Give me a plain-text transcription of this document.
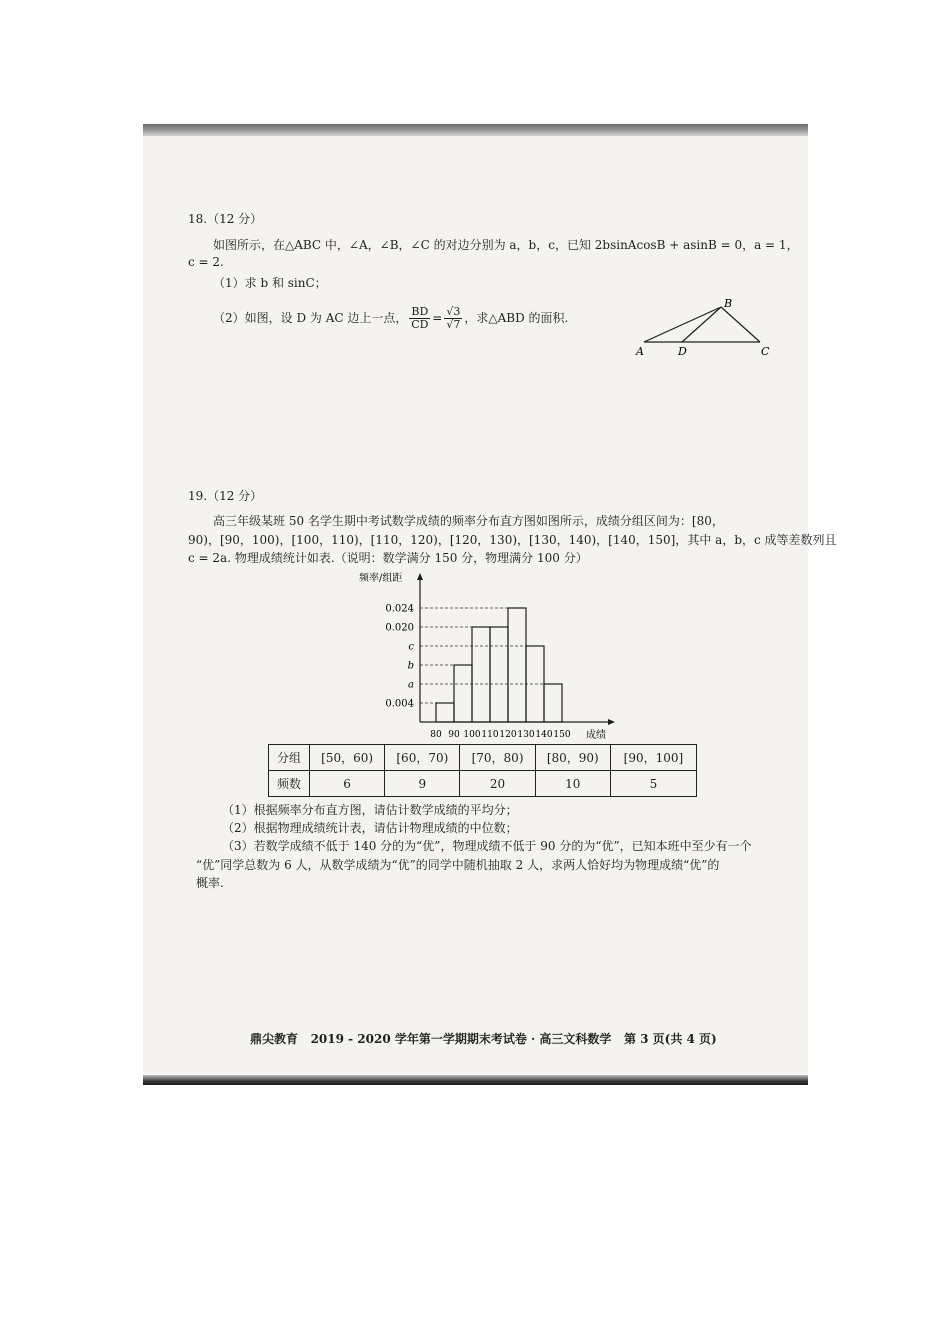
18.（12 分）
如图所示，在△ABC 中，∠A，∠B，∠C 的对边分别为 a，b，c，已知 2bsinAcosB + asinB = 0，a = 1，
c = 2.
（1）求 b 和 sinC；
（2）如图，设 D 为 AC 边上一点， $\frac{BD}{CD} = \frac{√3}{√7}$ ，求△ABD 的面积.
A
B
C
D
19.（12 分）
高三年级某班 50 名学生期中考试数学成绩的频率分布直方图如图所示，成绩分组区间为：[80，
90)，[90，100)，[100，110)，[110，120)，[120，130)，[130，140)，[140，150]，其中 a，b，c 成等差数列且
c = 2a. 物理成绩统计如表.（说明：数学满分 150 分，物理满分 100 分）
频率/组距
成绩
0.004
b
0.020
0.024
c
a
80 90 100 110 120 130 140 150
分组	[50，60)	[60，70)	[70，80)	[80，90)	[90，100]
频数	6	9	20	10	5
（1）根据频率分布直方图，请估计数学成绩的平均分；
（2）根据物理成绩统计表，请估计物理成绩的中位数；
（3）若数学成绩不低于 140 分的为“优”，物理成绩不低于 90 分的为“优”，已知本班中至少有一个
“优”同学总数为 6 人，从数学成绩为“优”的同学中随机抽取 2 人，求两人恰好均为物理成绩“优”的
概率.
鼎尖教育 2019 - 2020 学年第一学期期末考试卷 · 高三文科数学 第 3 页(共 4 页)
